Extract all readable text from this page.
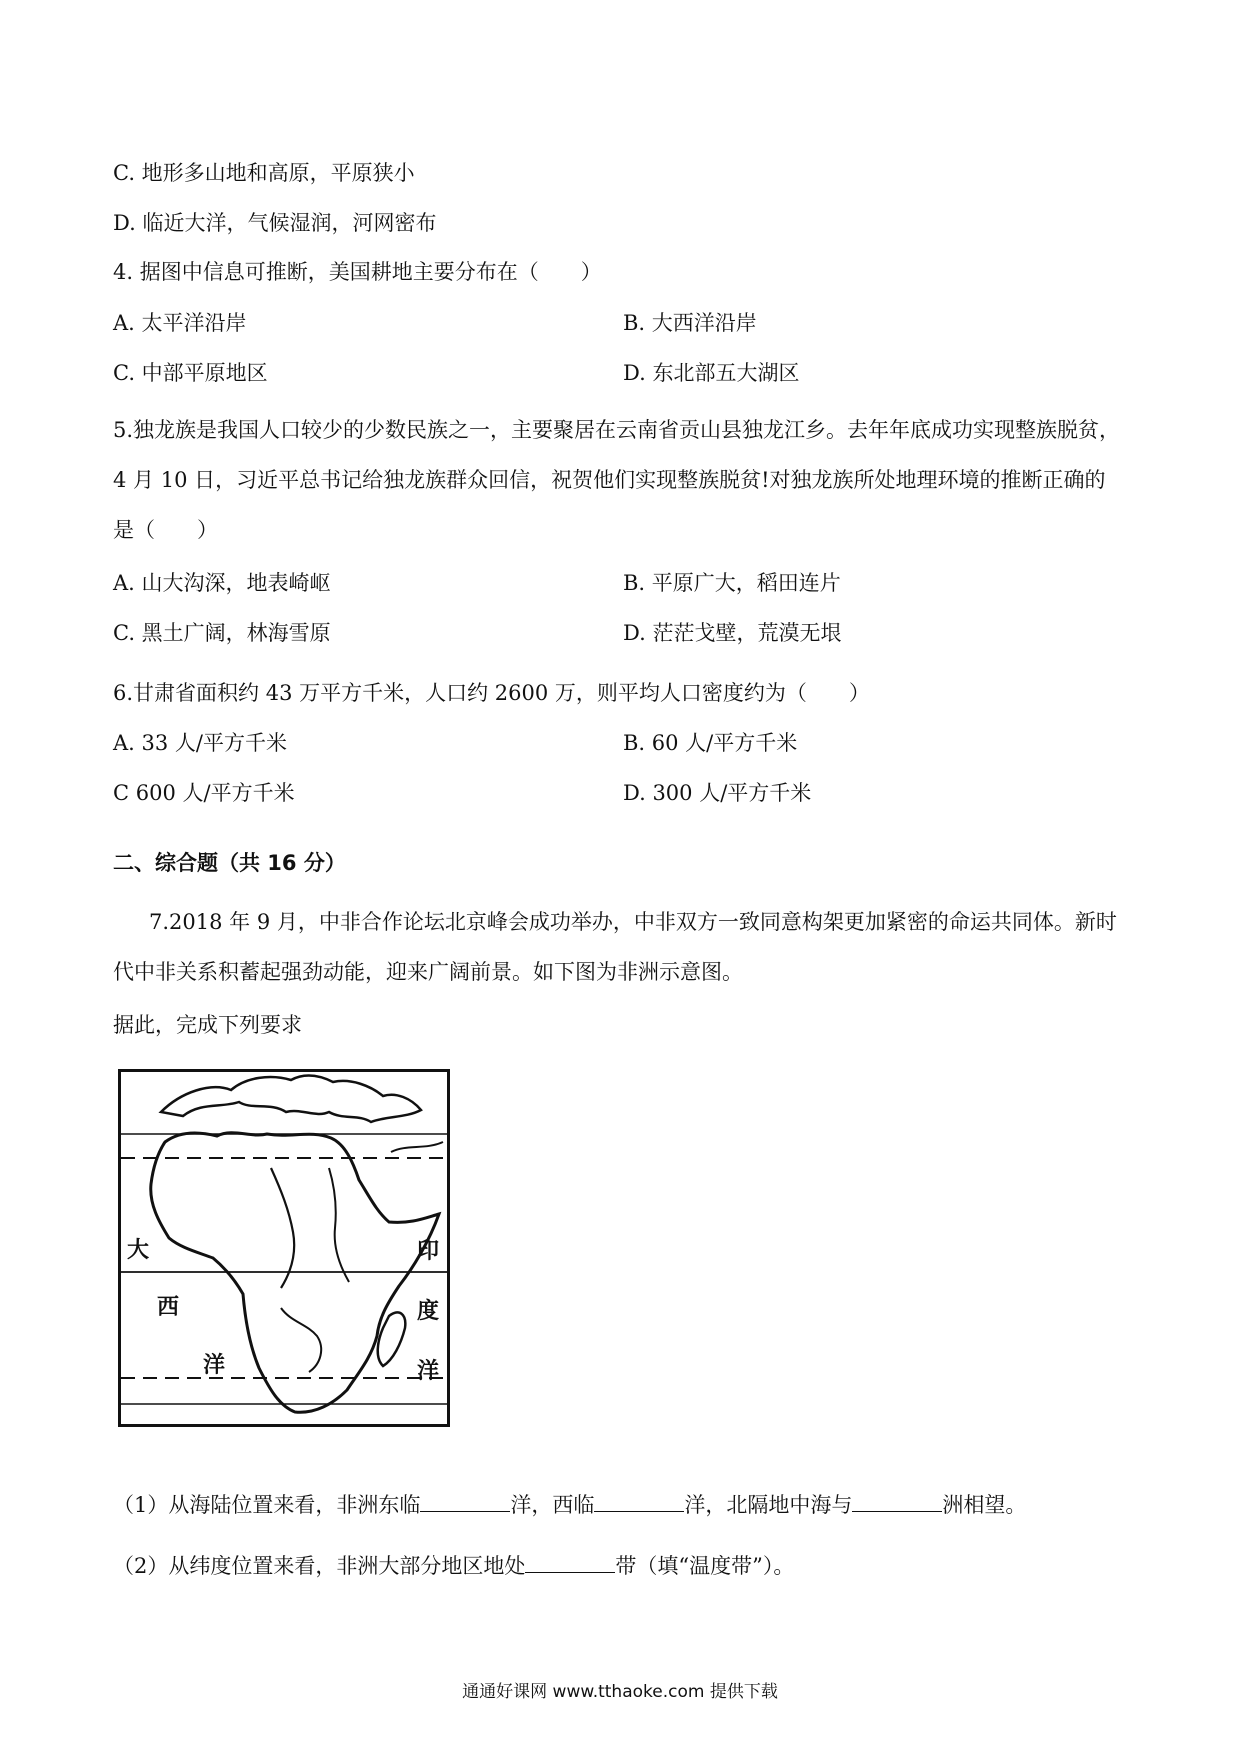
C. 地形多山地和高原，平原狭小
D. 临近大洋，气候湿润，河网密布
4. 据图中信息可推断，美国耕地主要分布在（　　）
A. 太平洋沿岸	B. 大西洋沿岸
C. 中部平原地区	D. 东北部五大湖区
5.独龙族是我国人口较少的少数民族之一，主要聚居在云南省贡山县独龙江乡。去年年底成功实现整族脱贫，4 月 10 日，习近平总书记给独龙族群众回信，祝贺他们实现整族脱贫!对独龙族所处地理环境的推断正确的是（　　）
A. 山大沟深，地表崎岖	B. 平原广大，稻田连片
C. 黑土广阔，林海雪原	D. 茫茫戈壁，荒漠无垠
6.甘肃省面积约 43 万平方千米，人口约 2600 万，则平均人口密度约为（　　）
A. 33 人/平方千米	B. 60 人/平方千米
C 600 人/平方千米	D. 300 人/平方千米
二、综合题（共 16 分）
7.2018 年 9 月，中非合作论坛北京峰会成功举办，中非双方一致同意构架更加紧密的命运共同体。新时代中非关系积蓄起强劲动能，迎来广阔前景。如下图为非洲示意图。
据此，完成下列要求
大
西
洋
印
度
洋
（1）从海陆位置来看，非洲东临	洋，西临	洋，北隔地中海与	洲相望。
（2）从纬度位置来看，非洲大部分地区地处	带（填“温度带”）。
通通好课网 www.tthaoke.com 提供下载
